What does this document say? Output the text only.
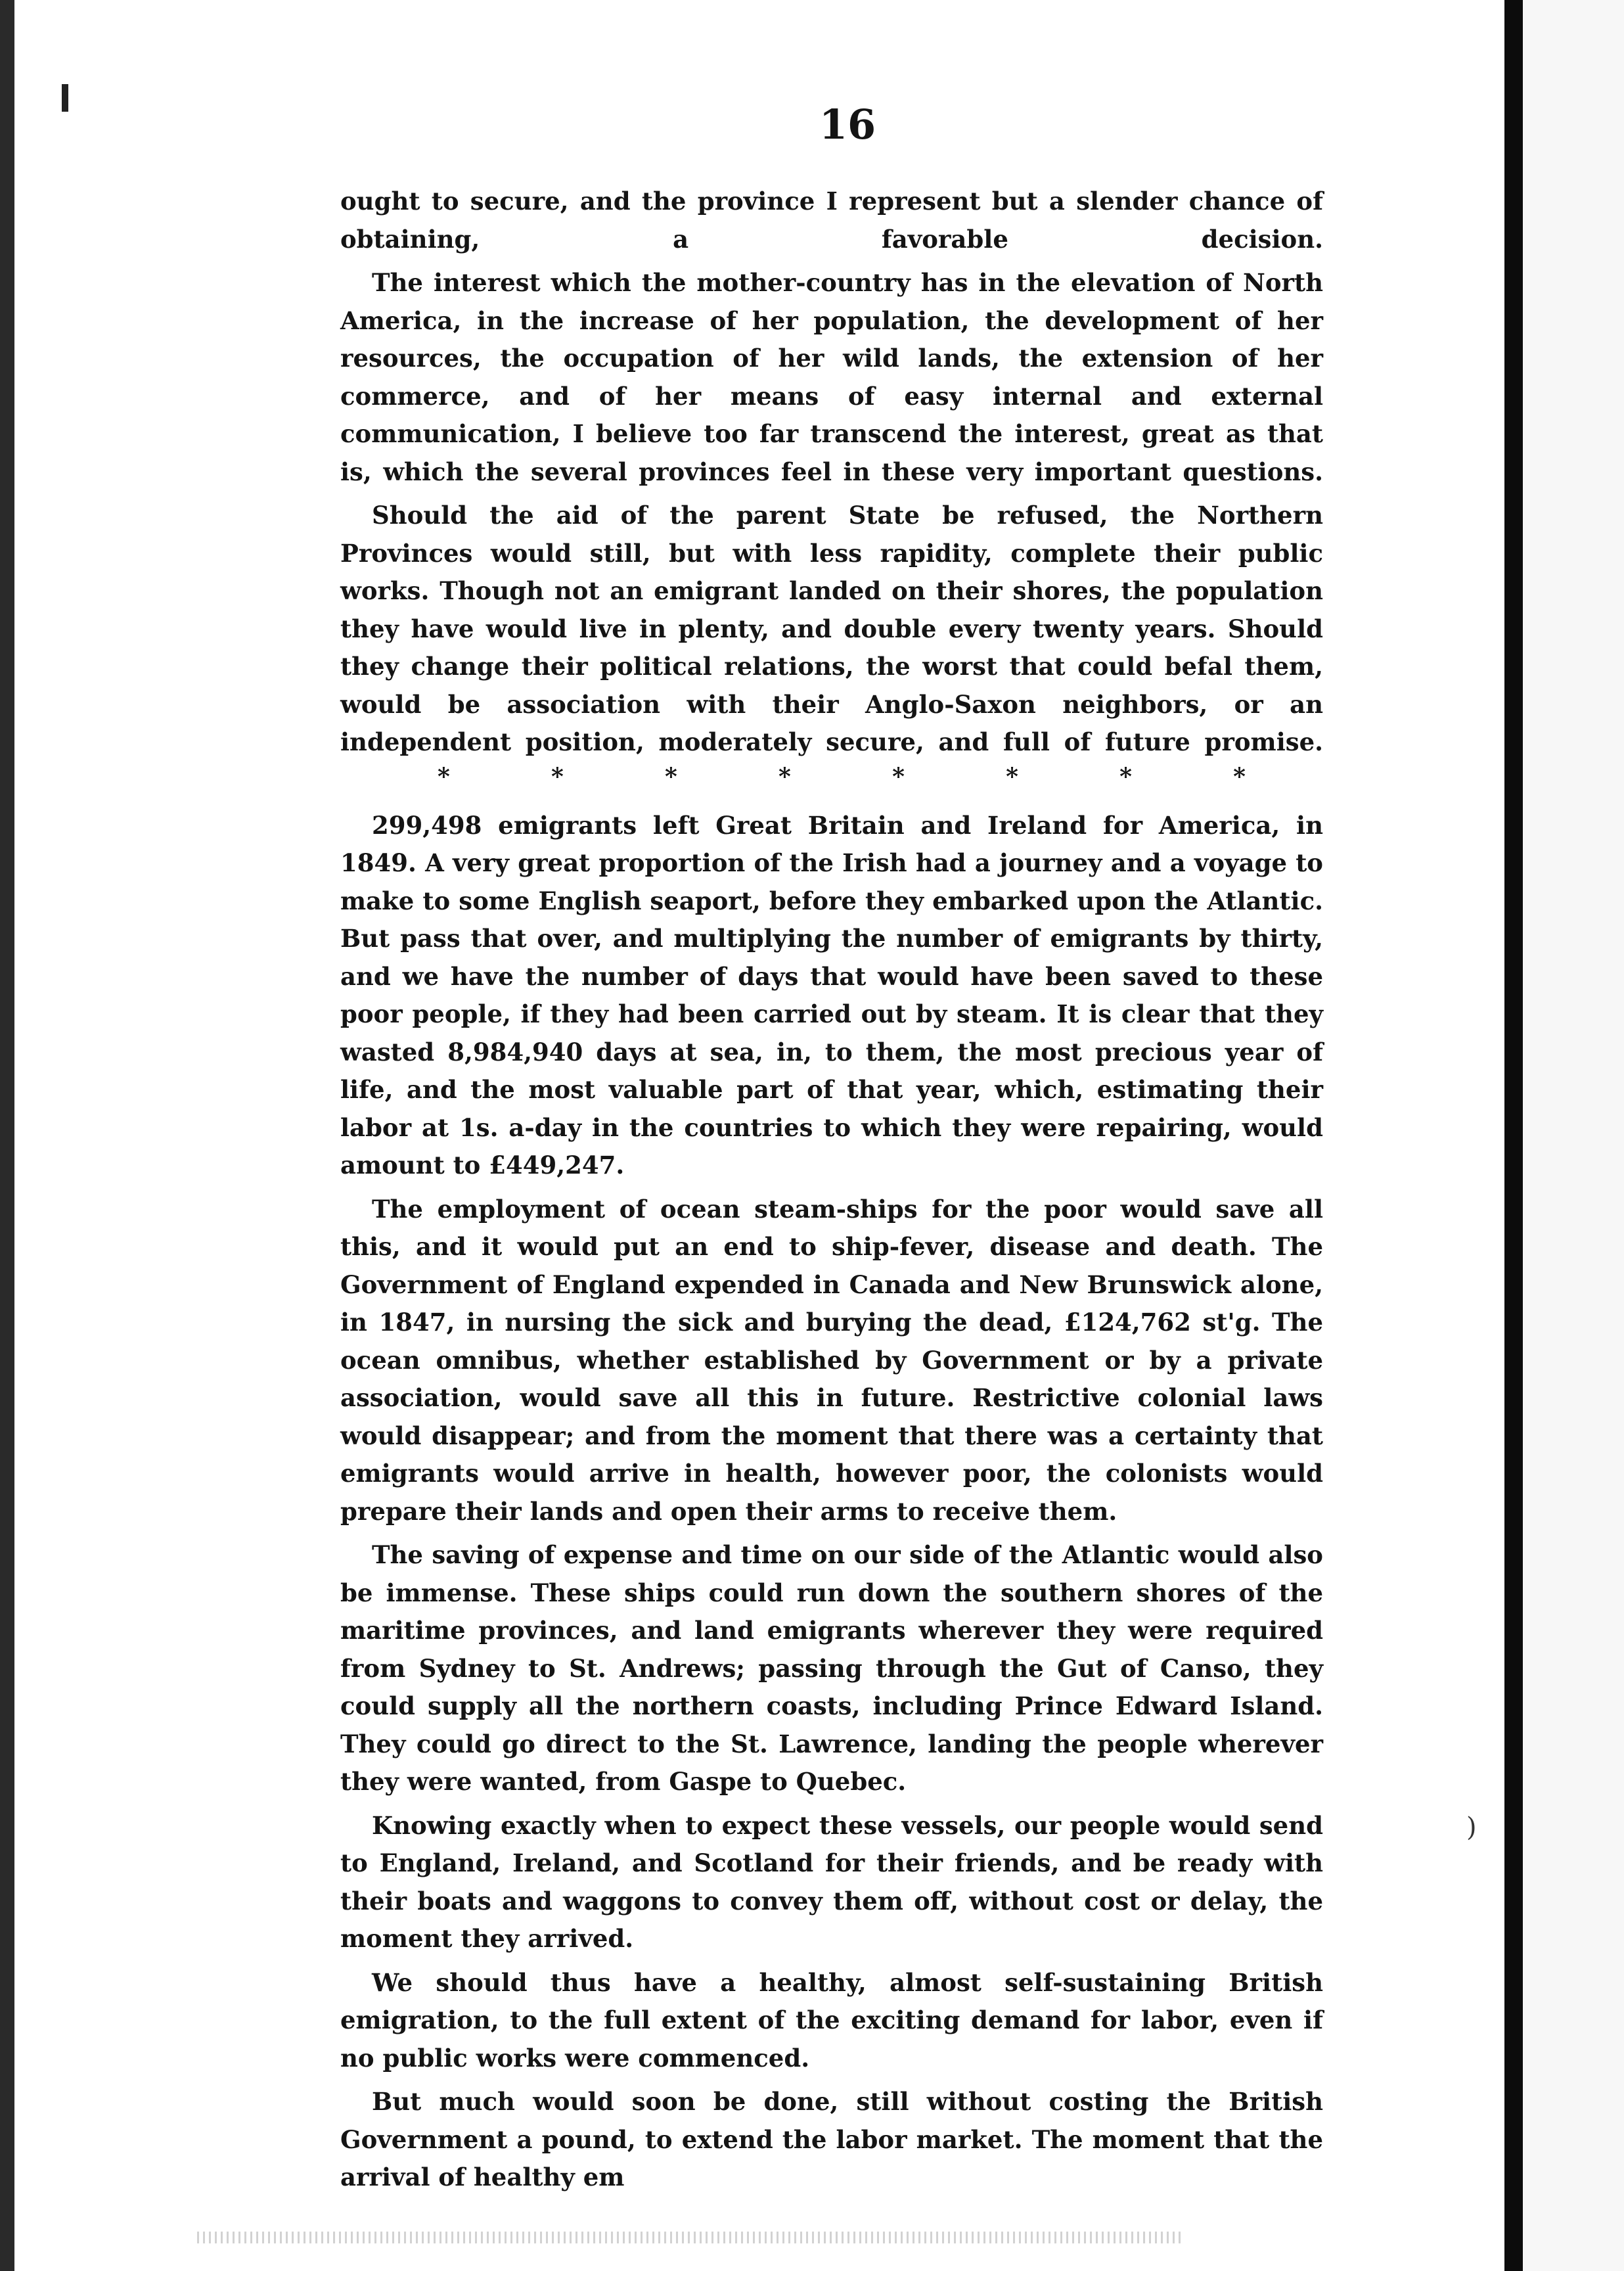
)
16

ought to secure, and the province I represent but a slender chance of obtaining, a favorable decision.

The interest which the mother-country has in the elevation of North America, in the increase of her population, the development of her resources, the occupation of her wild lands, the extension of her commerce, and of her means of easy internal and external communication, I believe too far transcend the interest, great as that is, which the several provinces feel in these very important questions.

Should the aid of the parent State be refused, the Northern Provinces would still, but with less rapidity, complete their public works. Though not an emigrant landed on their shores, the population they have would live in plenty, and double every twenty years. Should they change their political relations, the worst that could befal them, would be association with their Anglo-Saxon neighbors, or an independent position, moderately secure, and full of future promise.

*	*	*	*	*	*	*	*

299,498 emigrants left Great Britain and Ireland for America, in 1849. A very great proportion of the Irish had a journey and a voyage to make to some English seaport, before they embarked upon the Atlantic. But pass that over, and multiplying the number of emigrants by thirty, and we have the number of days that would have been saved to these poor people, if they had been carried out by steam. It is clear that they wasted 8,984,940 days at sea, in, to them, the most precious year of life, and the most valuable part of that year, which, estimating their labor at 1s. a-day in the countries to which they were repairing, would amount to £449,247.

The employment of ocean steam-ships for the poor would save all this, and it would put an end to ship-fever, disease and death. The Government of England expended in Canada and New Brunswick alone, in 1847, in nursing the sick and burying the dead, £124,762 st'g. The ocean omnibus, whether established by Government or by a private association, would save all this in future. Restrictive colonial laws would disappear; and from the moment that there was a certainty that emigrants would arrive in health, however poor, the colonists would prepare their lands and open their arms to receive them.

The saving of expense and time on our side of the Atlantic would also be immense. These ships could run down the southern shores of the maritime provinces, and land emigrants wherever they were required from Sydney to St. Andrews; passing through the Gut of Canso, they could supply all the northern coasts, including Prince Edward Island. They could go direct to the St. Lawrence, landing the people wherever they were wanted, from Gaspe to Quebec.

Knowing exactly when to expect these vessels, our people would send to England, Ireland, and Scotland for their friends, and be ready with their boats and waggons to convey them off, without cost or delay, the moment they arrived.

We should thus have a healthy, almost self-sustaining British emigration, to the full extent of the exciting demand for labor, even if no public works were commenced.

But much would soon be done, still without costing the British Government a pound, to extend the labor market. The moment that the arrival of healthy em
